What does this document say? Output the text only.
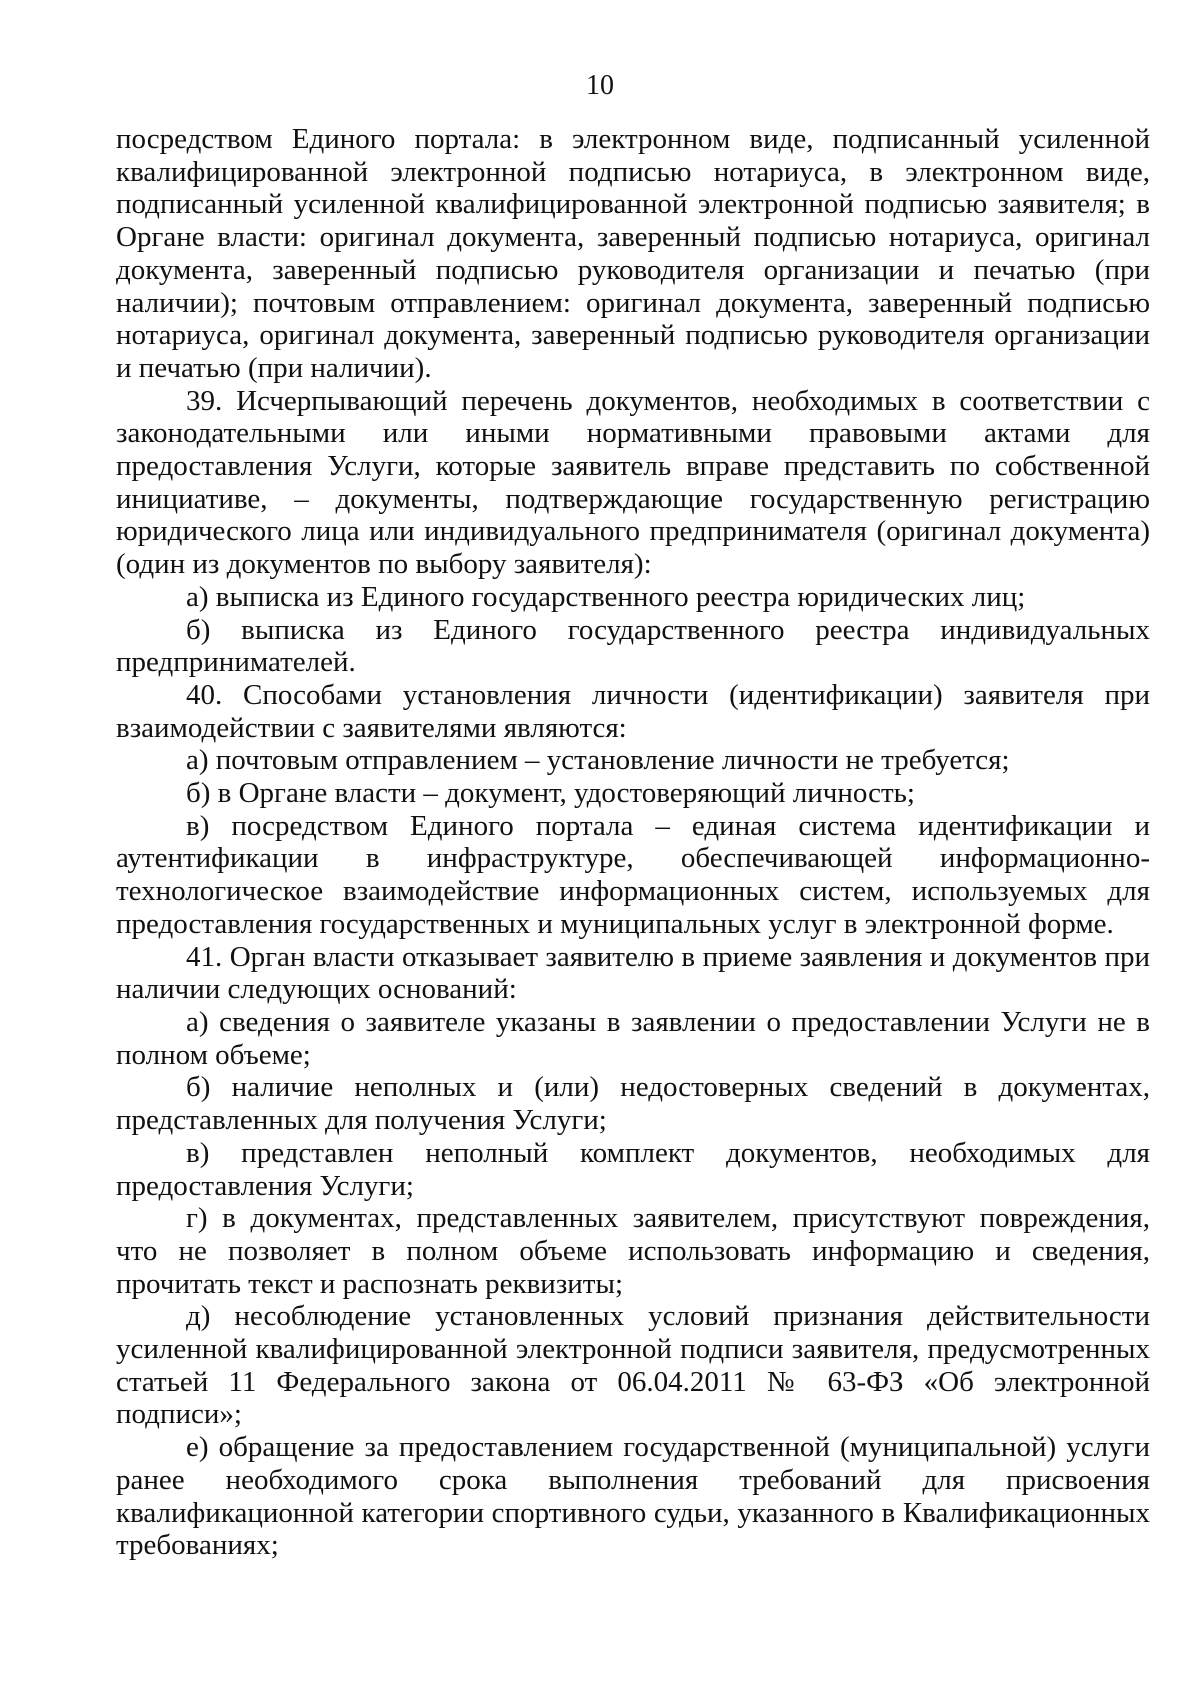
10

посредством Единого портала: в электронном виде, подписанный усиленной квалифицированной электронной подписью нотариуса, в электронном виде, подписанный усиленной квалифицированной электронной подписью заявителя; в Органе власти: оригинал документа, заверенный подписью нотариуса, оригинал документа, заверенный подписью руководителя организации и печатью (при наличии); почтовым отправлением: оригинал документа, заверенный подписью нотариуса, оригинал документа, заверенный подписью руководителя организации и печатью (при наличии).

39. Исчерпывающий перечень документов, необходимых в соответствии с законодательными или иными нормативными правовыми актами для предоставления Услуги, которые заявитель вправе представить по собственной инициативе, – документы, подтверждающие государственную регистрацию юридического лица или индивидуального предпринимателя (оригинал документа) (один из документов по выбору заявителя):

а) выписка из Единого государственного реестра юридических лиц;

б) выписка из Единого государственного реестра индивидуальных предпринимателей.

40. Способами установления личности (идентификации) заявителя при взаимодействии с заявителями являются:

а) почтовым отправлением – установление личности не требуется;

б) в Органе власти – документ, удостоверяющий личность;

в) посредством Единого портала – единая система идентификации и аутентификации в инфраструктуре, обеспечивающей информационно-технологическое взаимодействие информационных систем, используемых для предоставления государственных и муниципальных услуг в электронной форме.

41. Орган власти отказывает заявителю в приеме заявления и документов при наличии следующих оснований:

а) сведения о заявителе указаны в заявлении о предоставлении Услуги не в полном объеме;

б) наличие неполных и (или) недостоверных сведений в документах, представленных для получения Услуги;

в) представлен неполный комплект документов, необходимых для предоставления Услуги;

г) в документах, представленных заявителем, присутствуют повреждения, что не позволяет в полном объеме использовать информацию и сведения, прочитать текст и распознать реквизиты;

д) несоблюдение установленных условий признания действительности усиленной квалифицированной электронной подписи заявителя, предусмотренных статьей 11 Федерального закона от 06.04.2011 № 63-ФЗ «Об электронной подписи»;

е) обращение за предоставлением государственной (муниципальной) услуги ранее необходимого срока выполнения требований для присвоения квалификационной категории спортивного судьи, указанного в Квалификационных требованиях;
